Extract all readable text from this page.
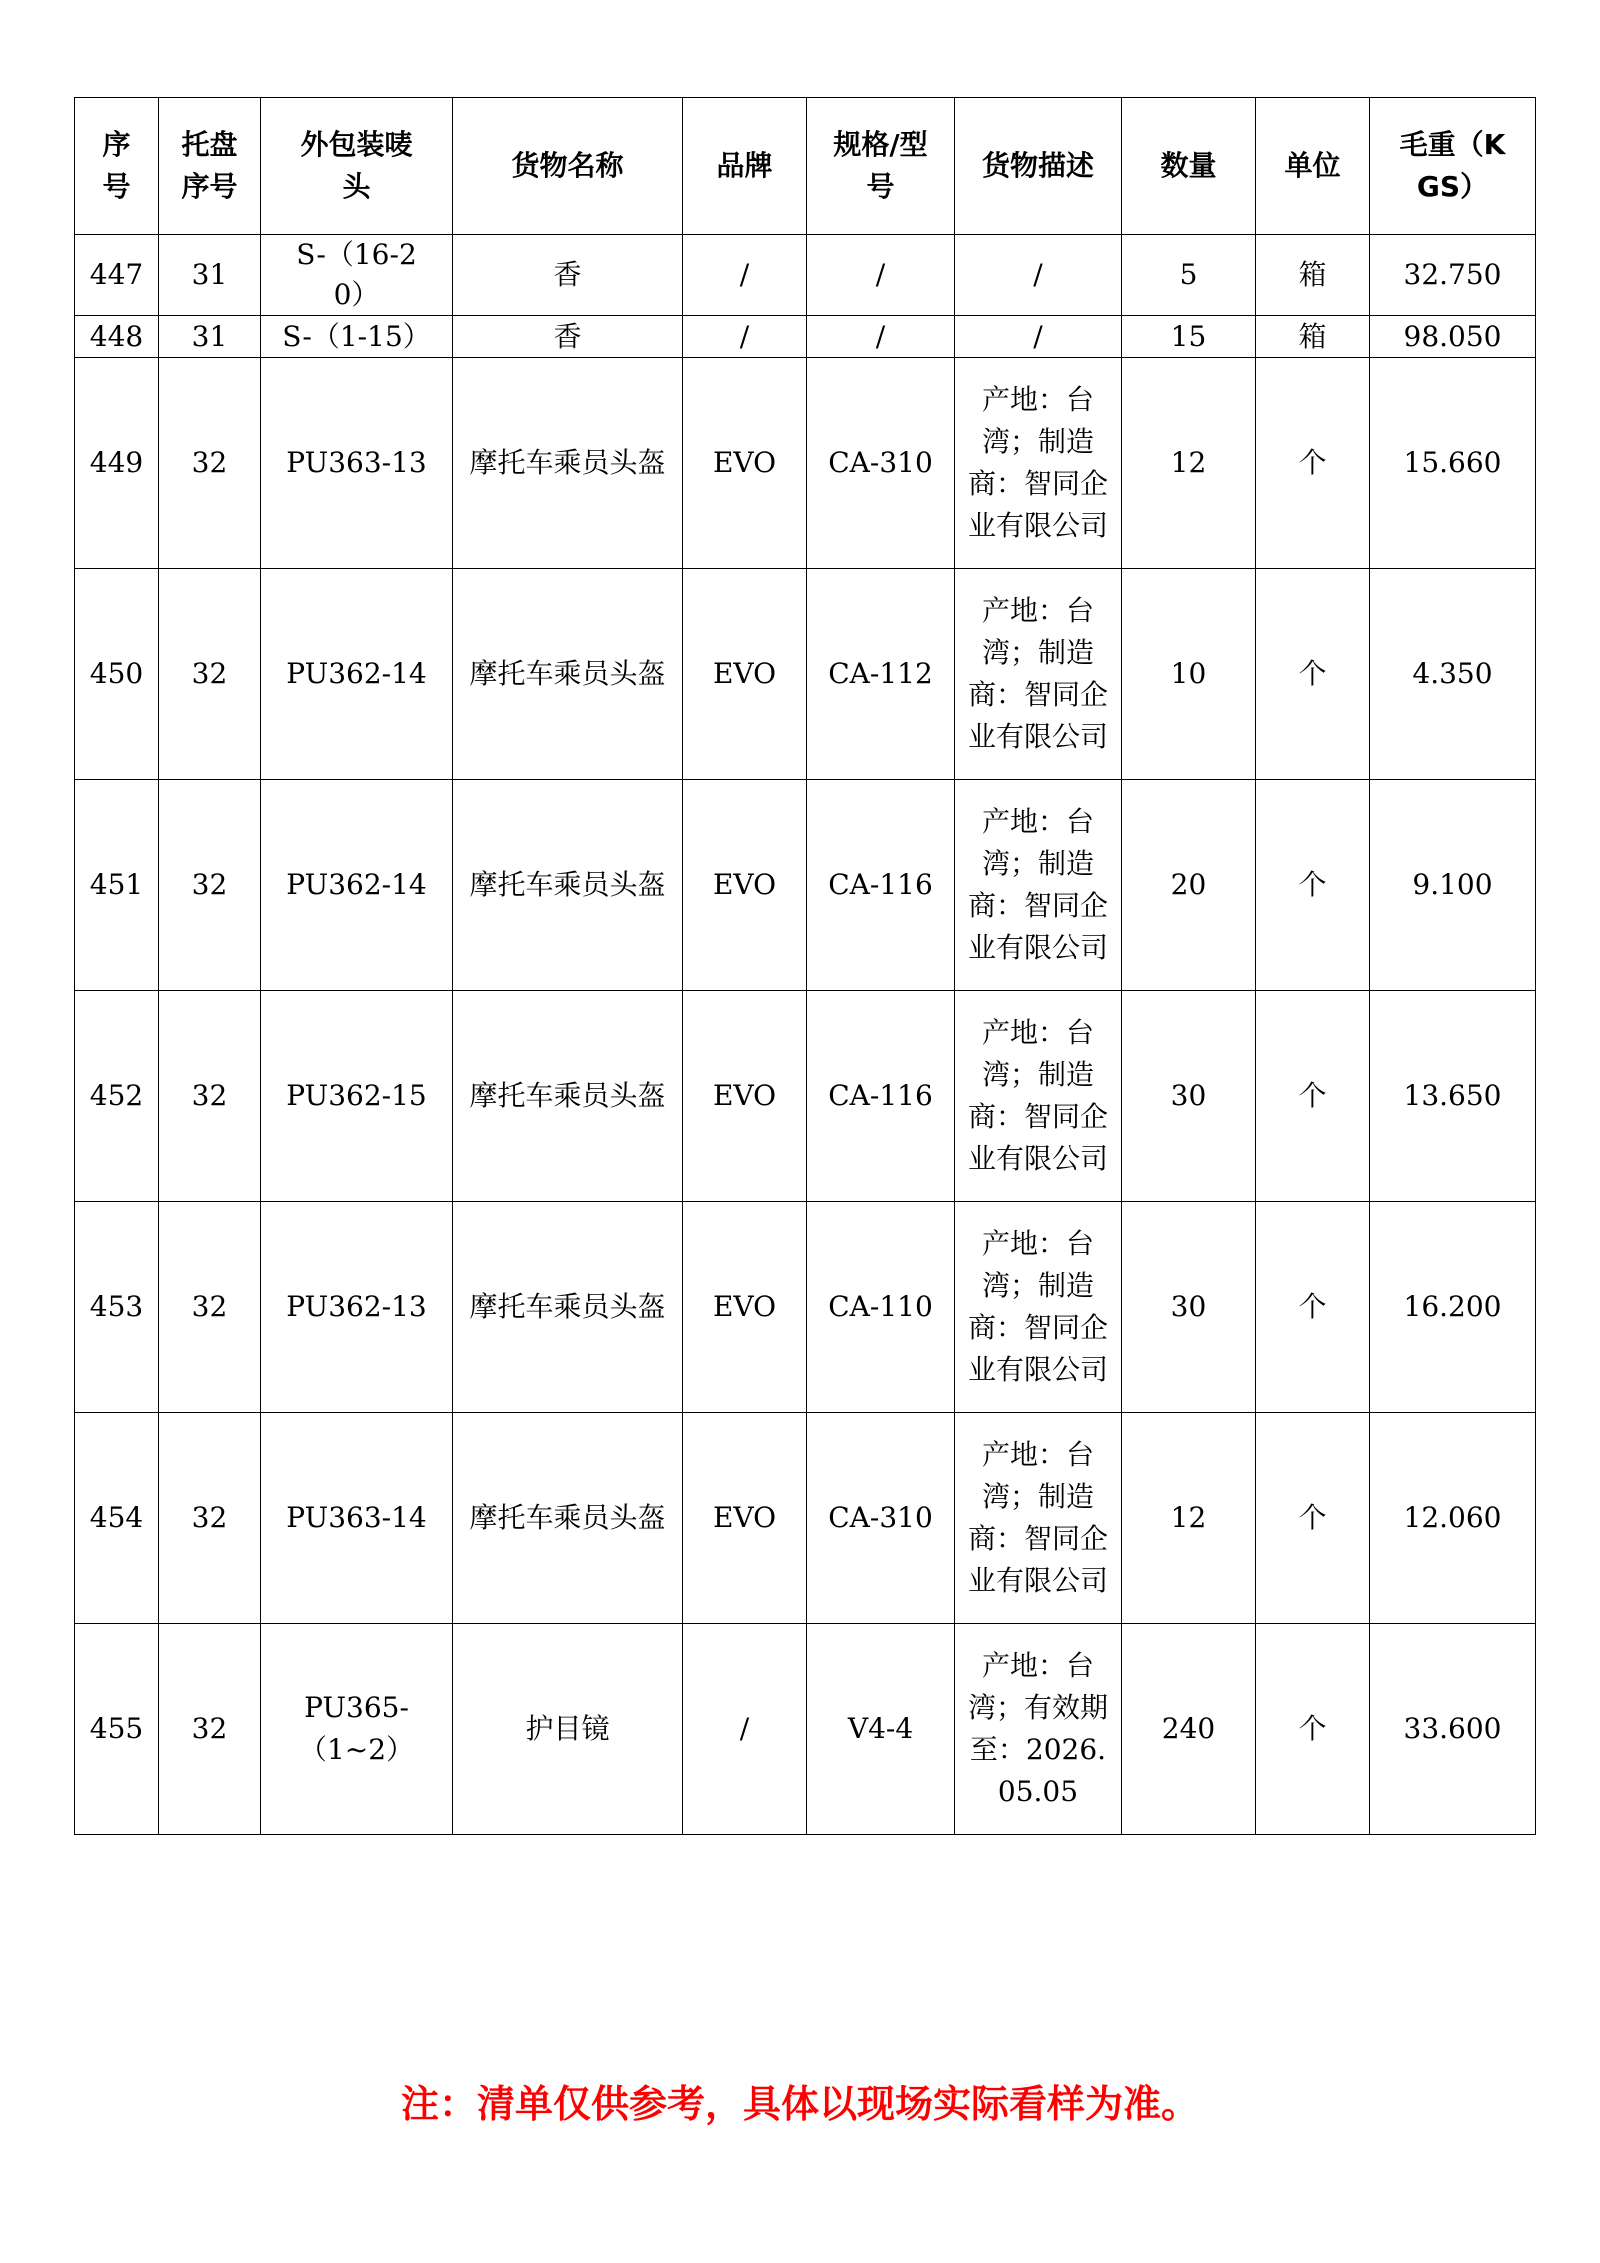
序号	托盘序号	外包装唛头	货物名称	品牌	规格/型号	货物描述	数量	单位	毛重（KGS）
447	31	S-（16-20）	香	/	/	/	5	箱	32.750
448	31	S-（1-15）	香	/	/	/	15	箱	98.050
449	32	PU363-13	摩托车乘员头盔	EVO	CA-310	产地：台湾；制造商：智同企业有限公司	12	个	15.660
450	32	PU362-14	摩托车乘员头盔	EVO	CA-112	产地：台湾；制造商：智同企业有限公司	10	个	4.350
451	32	PU362-14	摩托车乘员头盔	EVO	CA-116	产地：台湾；制造商：智同企业有限公司	20	个	9.100
452	32	PU362-15	摩托车乘员头盔	EVO	CA-116	产地：台湾；制造商：智同企业有限公司	30	个	13.650
453	32	PU362-13	摩托车乘员头盔	EVO	CA-110	产地：台湾；制造商：智同企业有限公司	30	个	16.200
454	32	PU363-14	摩托车乘员头盔	EVO	CA-310	产地：台湾；制造商：智同企业有限公司	12	个	12.060
455	32	PU365-（1~2）	护目镜	/	V4-4	产地：台湾；有效期至：2026.05.05	240	个	33.600
注：清单仅供参考，具体以现场实际看样为准。
